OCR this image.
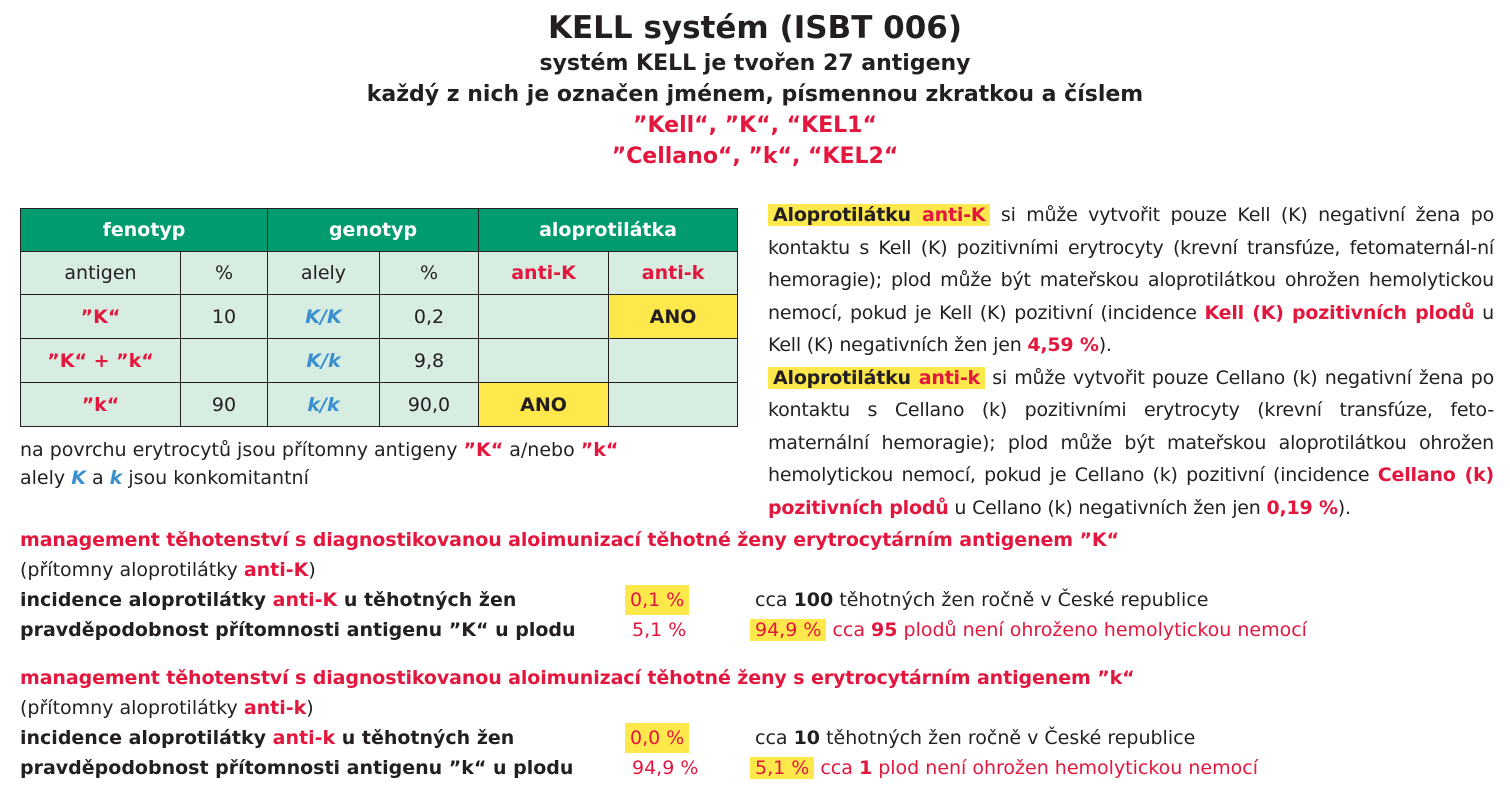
KELL systém (ISBT 006)
systém KELL je tvořen 27 antigeny
každý z nich je označen jménem, písmennou zkratkou a číslem
”Kell“, ”K“, “KEL1“
”Cellano“, ”k“, “KEL2“
fenotyp		genotyp		aloprotilátka	
antigen	%	alely	%	anti-K	anti-k
”K“	10	K/K	0,2		ANO
”K“ + ”k“		K/k	9,8		
”k“	90	k/k	90,0	ANO	
na povrchu erytrocytů jsou přítomny antigeny ”K“ a/nebo ”k“
alely K a k jsou konkomitantní

Aloprotilátku anti-K si může vytvořit pouze Kell (K) negativní žena po kontaktu s Kell (K) pozitivními erytrocyty (krevní transfúze, fetomaternál-ní hemoragie); plod může být mateřskou aloprotilátkou ohrožen hemolytickou nemocí, pokud je Kell (K) pozitivní (incidence Kell (K) pozitivních plodů u Kell (K) negativních žen jen 4,59 %).

Aloprotilátku anti-k si může vytvořit pouze Cellano (k) negativní žena po kontaktu s Cellano (k) pozitivními erytrocyty (krevní transfúze, feto-maternální hemoragie); plod může být mateřskou aloprotilátkou ohrožen hemolytickou nemocí, pokud je Cellano (k) pozitivní (incidence Cellano (k) pozitivních plodů u Cellano (k) negativních žen jen 0,19 %).

management těhotenství s diagnostikovanou aloimunizací těhotné ženy erytrocytárním antigenem ”K“
(přítomny aloprotilátky anti-K)
incidence aloprotilátky anti-K u těhotných žen	0,1 %	cca 100 těhotných žen ročně v České republice
pravděpodobnost přítomnosti antigenu ”K“ u plodu	5,1 %	94,9 % cca 95 plodů není ohroženo hemolytickou nemocí
management těhotenství s diagnostikovanou aloimunizací těhotné ženy s erytrocytárním antigenem ”k“
(přítomny aloprotilátky anti-k)
incidence aloprotilátky anti-k u těhotných žen	0,0 %	cca 10 těhotných žen ročně v České republice
pravděpodobnost přítomnosti antigenu ”k“ u plodu	94,9 %	5,1 % cca 1 plod není ohrožen hemolytickou nemocí
